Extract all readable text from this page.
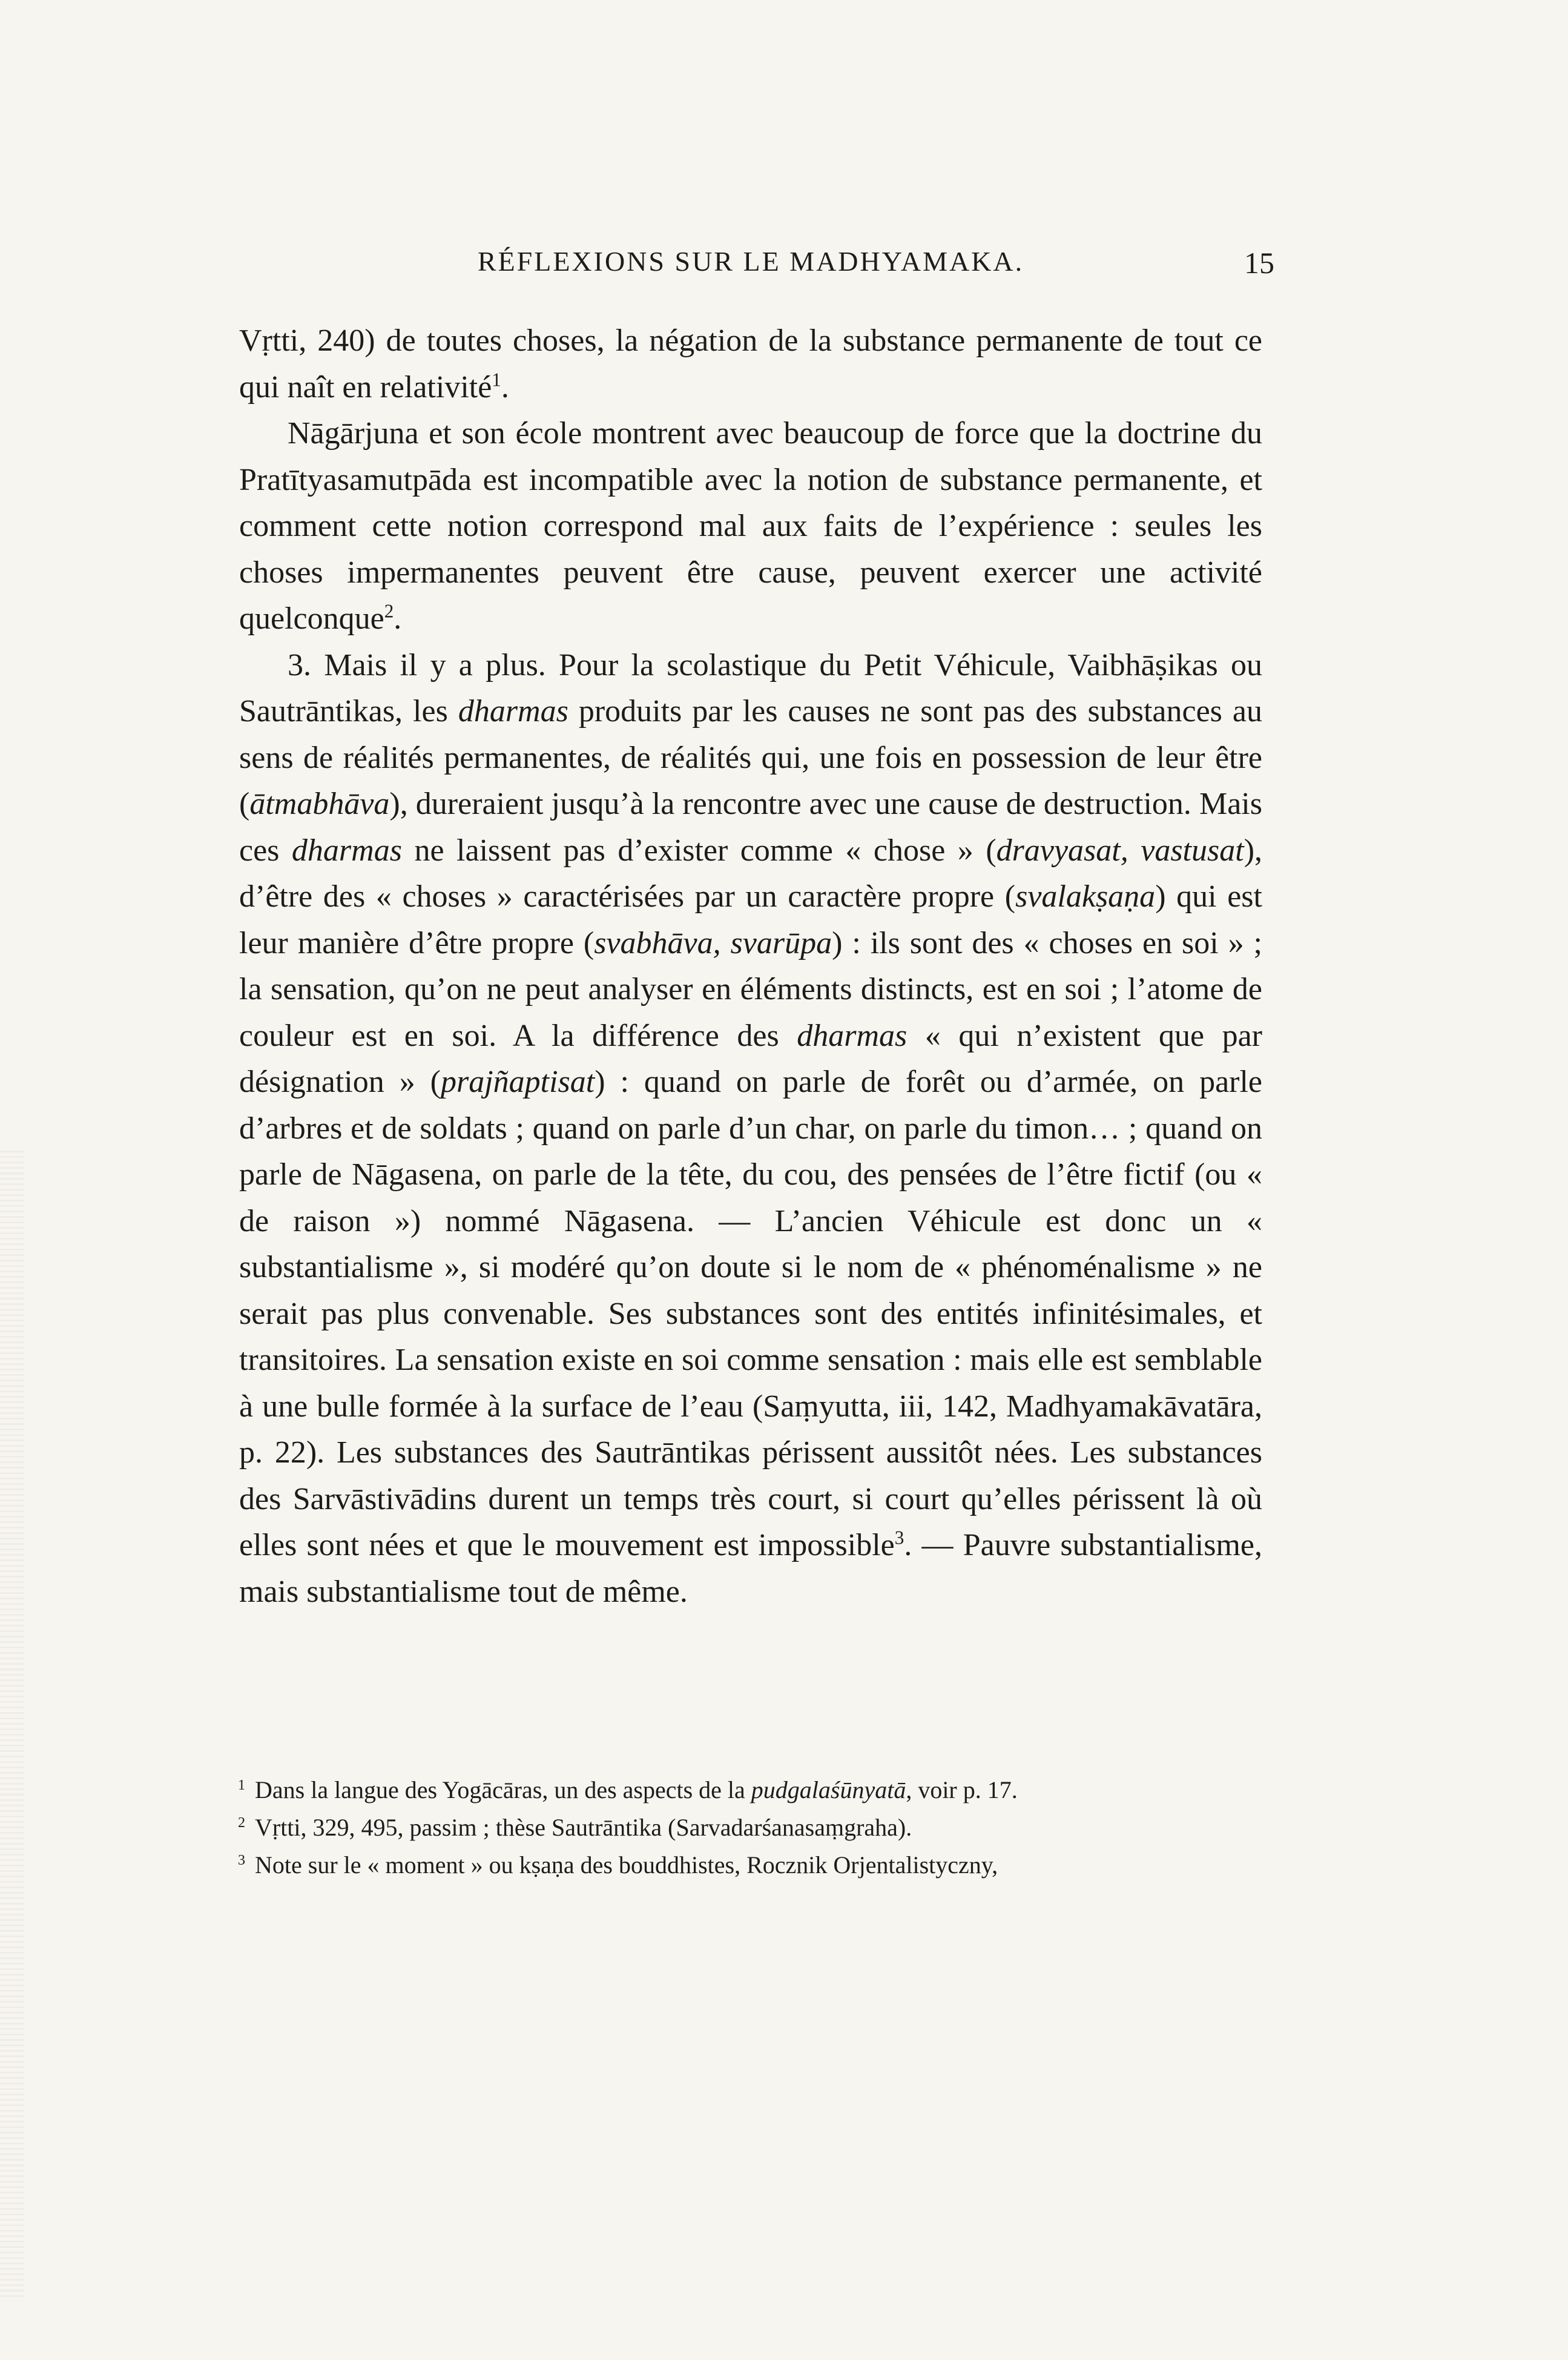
RÉFLEXIONS SUR LE MADHYAMAKA.	15

Vṛtti, 240) de toutes choses, la négation de la substance permanente de tout ce qui naît en relativité$^1$.

Nāgārjuna et son école montrent avec beaucoup de force que la doctrine du Pratītyasamutpāda est incompatible avec la notion de substance permanente, et comment cette notion correspond mal aux faits de l’expérience : seules les choses impermanentes peuvent être cause, peuvent exercer une activité quelconque$^2$.

3. Mais il y a plus. Pour la scolastique du Petit Véhicule, Vaibhāṣikas ou Sautrāntikas, les dharmas produits par les causes ne sont pas des substances au sens de réalités permanentes, de réalités qui, une fois en possession de leur être (ātmabhāva), dureraient jusqu’à la rencontre avec une cause de destruction. Mais ces dharmas ne laissent pas d’exister comme « chose » (dravyasat, vastusat), d’être des « choses » caractérisées par un caractère propre (svalakṣaṇa) qui est leur manière d’être propre (svabhāva, svarūpa) : ils sont des « choses en soi » ; la sensation, qu’on ne peut analyser en éléments distincts, est en soi ; l’atome de couleur est en soi. A la différence des dharmas « qui n’existent que par désignation » (prajñaptisat) : quand on parle de forêt ou d’armée, on parle d’arbres et de soldats ; quand on parle d’un char, on parle du timon… ; quand on parle de Nāgasena, on parle de la tête, du cou, des pensées de l’être fictif (ou « de raison ») nommé Nāgasena. — L’ancien Véhicule est donc un « substantialisme », si modéré qu’on doute si le nom de « phénoménalisme » ne serait pas plus convenable. Ses substances sont des entités infinitésimales, et transitoires. La sensation existe en soi comme sensation : mais elle est semblable à une bulle formée à la surface de l’eau (Saṃyutta, iii, 142, Madhyamakāvatāra, p. 22). Les substances des Sautrāntikas périssent aussitôt nées. Les substances des Sarvāstivādins durent un temps très court, si court qu’elles périssent là où elles sont nées et que le mouvement est impossible$^3$. — Pauvre substantialisme, mais substantialisme tout de même.

$^1$ Dans la langue des Yogācāras, un des aspects de la pudgalaśūnyatā, voir p. 17.

$^2$ Vṛtti, 329, 495, passim ; thèse Sautrāntika (Sarvadarśanasaṃgraha).

$^3$ Note sur le « moment » ou kṣaṇa des bouddhistes, Rocznik Orjentalistyczny,
